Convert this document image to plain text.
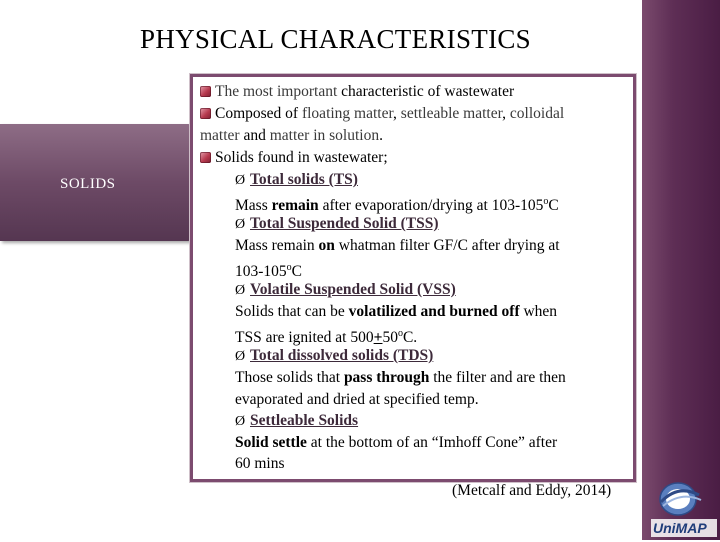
PHYSICAL CHARACTERISTICS
SOLIDS
The most important characteristic of wastewater
Composed of floating matter, settleable matter, colloidal
matter and matter in solution.
Solids found in wastewater;
Ø Total solids (TS)
Mass remain after evaporation/drying at 103-105$^o$C
Ø Total Suspended Solid (TSS)
Mass remain on whatman filter GF/C after drying at
103-105$^o$C
Ø Volatile Suspended Solid (VSS)
Solids that can be volatilized and burned off when
TSS are ignited at $500+50^oC$.
Ø Total dissolved solids (TDS)
Those solids that pass through the filter and are then
evaporated and dried at specified temp.
Ø Settleable Solids
Solid settle at the bottom of an “Imhoff Cone” after
60 mins
(Metcalf and Eddy, 2014)
UniMAP
